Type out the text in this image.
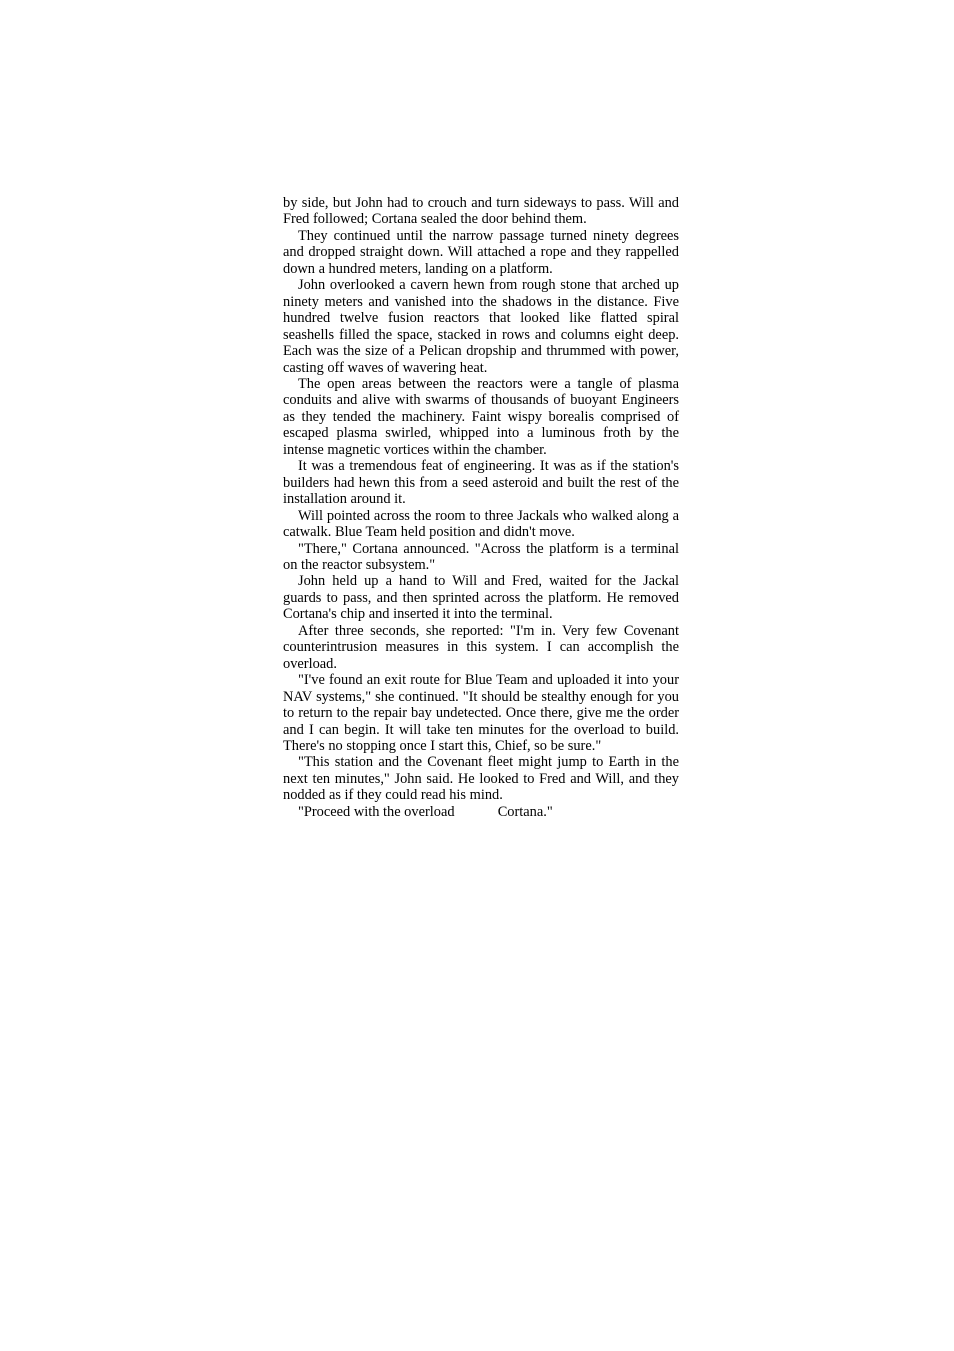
by side, but John had to crouch and turn sideways to pass. Will and Fred followed; Cortana sealed the door behind them.

They continued until the narrow passage turned ninety degrees and dropped straight down. Will attached a rope and they rappelled down a hundred meters, landing on a platform.

John overlooked a cavern hewn from rough stone that arched up ninety meters and vanished into the shadows in the distance. Five hundred twelve fusion reactors that looked like flatted spiral seashells filled the space, stacked in rows and columns eight deep. Each was the size of a Pelican dropship and thrummed with power, casting off waves of wavering heat.

The open areas between the reactors were a tangle of plasma conduits and alive with swarms of thousands of buoyant Engineers as they tended the machinery. Faint wispy borealis comprised of escaped plasma swirled, whipped into a luminous froth by the intense magnetic vortices within the chamber.

It was a tremendous feat of engineering. It was as if the station's builders had hewn this from a seed asteroid and built the rest of the installation around it.

Will pointed across the room to three Jackals who walked along a catwalk. Blue Team held position and didn't move.

"There," Cortana announced. "Across the platform is a terminal on the reactor subsystem."

John held up a hand to Will and Fred, waited for the Jackal guards to pass, and then sprinted across the platform. He removed Cortana's chip and inserted it into the terminal.

After three seconds, she reported: "I'm in. Very few Covenant counterintrusion measures in this system. I can accomplish the overload.

"I've found an exit route for Blue Team and uploaded it into your NAV systems," she continued. "It should be stealthy enough for you to return to the repair bay undetected. Once there, give me the order and I can begin. It will take ten minutes for the overload to build. There's no stopping once I start this, Chief, so be sure."

"This station and the Covenant fleet might jump to Earth in the next ten minutes," John said. He looked to Fred and Will, and they nodded as if they could read his mind.

"Proceed with the overload   Cortana."
